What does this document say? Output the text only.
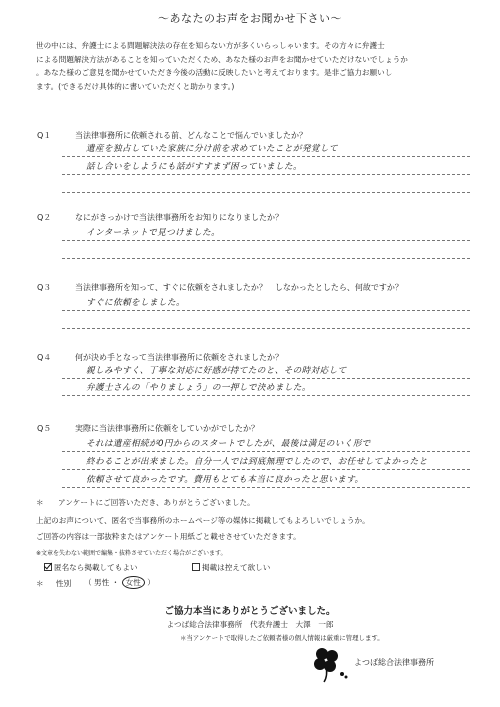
～あなたのお声をお聞かせ下さい～
世の中には、弁護士による問題解決法の存在を知らない方が多くいらっしゃいます。その方々に弁護士
による問題解決方法があることを知っていただくため、あなた様のお声をお聞かせていただけないでしょうか
。あなた様のご意見を聞かせていただき今後の活動に反映したいと考えております。是非ご協力お願いし
ます。(できるだけ具体的に書いていただくと助かります。)
Q１	当法律事務所に依頼される前、どんなことで悩んでいましたか？
遺産を独占していた家族に分け前を求めていたことが発覚して
話し合いをしようにも話がすすまず困っていました。
Q２	なにがきっかけで当法律事務所をお知りになりましたか？
インターネットで見つけました。
Q３	当法律事務所を知って、すぐに依頼をされましたか？　しなかったとしたら、何故ですか？
すぐに依頼をしました。
Q４	何が決め手となって当法律事務所に依頼をされましたか？
親しみやすく、丁寧な対応に好感が持てたのと、その時対応して
弁護士さんの「やりましょう」の一押しで決めました。
Q５	実際に当法律事務所に依頼をしていかがでしたか？
それは遺産相続が0円からのスタートでしたが、最後は満足のいく形で
終わることが出来ました。自分一人では到底無理でしたので、お任せしてよかったと
依頼させて良かったです。費用もとても本当に良かったと思います。
＊ アンケートにご回答いただき、ありがとうございました。
上記のお声について、匿名で当事務所のホームページ等の媒体に掲載してもよろしいでしょうか。
ご回答の内容は一部抜粋またはアンケート用紙ごと載せさせていただきます。
※文章を失わない範囲で編集・抜粋させていただく場合がございます。
匿名なら掲載してもよい	掲載は控えて欲しい
＊ 性別 （ 男性 ・ 女性 ）
ご協力本当にありがとうございました。
よつば総合法律事務所　代表弁護士　大澤　一郎
＊当アンケートで取得したご依頼者様の個人情報は厳重に管理します。
よつば総合法律事務所
